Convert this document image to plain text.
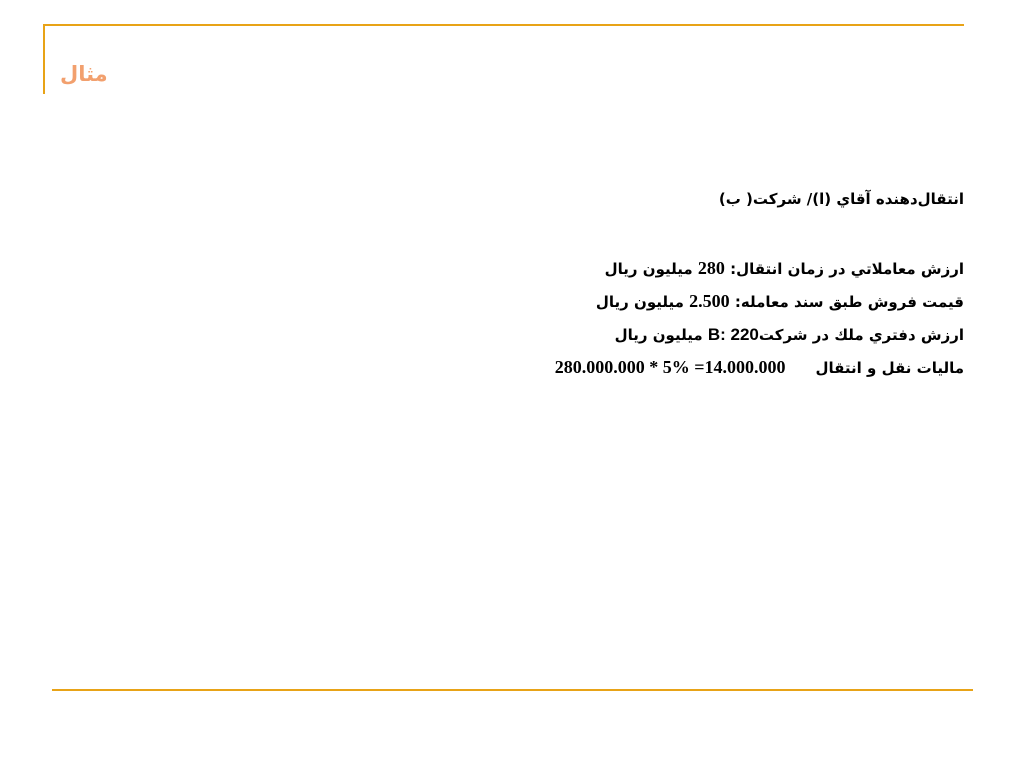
مثال
انتقال‌دهنده آقاي (ا)/ شركت( ب)
ارزش معاملاتي در زمان انتقال: 280 ميليون ريال
قيمت فروش طبق سند معامله: 2.500 ميليون ريال
ارزش دفتري ملك در شركتB: 220 ميليون ريال
ماليات نقل و انتقال280.000.000 * 5% =14.000.000
